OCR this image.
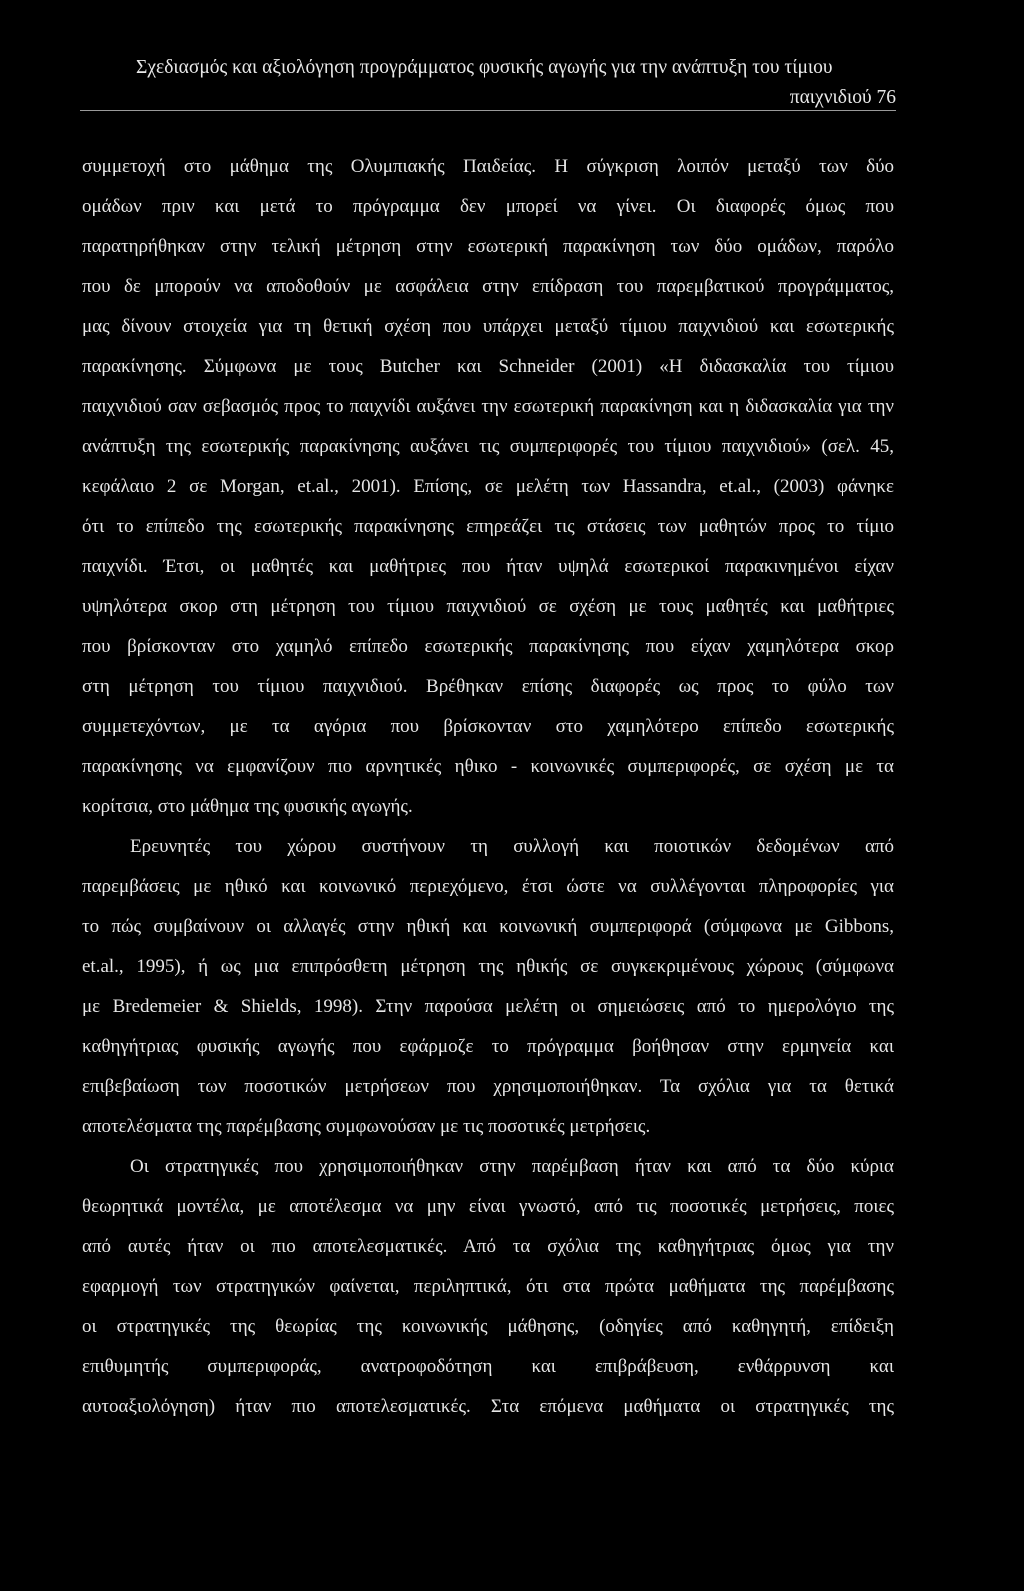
Σχεδιασμός και αξιολόγηση προγράμματος φυσικής αγωγής για την ανάπτυξη του τίμιου
παιχνιδιού 76
συμμετοχή στο μάθημα της Ολυμπιακής Παιδείας. Η σύγκριση λοιπόν μεταξύ των δύο
ομάδων πριν και μετά το πρόγραμμα δεν μπορεί να γίνει. Οι διαφορές όμως που
παρατηρήθηκαν στην τελική μέτρηση στην εσωτερική παρακίνηση των δύο ομάδων, παρόλο
που δε μπορούν να αποδοθούν με ασφάλεια στην επίδραση του παρεμβατικού προγράμματος,
μας δίνουν στοιχεία για τη θετική σχέση που υπάρχει μεταξύ τίμιου παιχνιδιού και εσωτερικής
παρακίνησης. Σύμφωνα με τους Butcher και Schneider (2001) «Η διδασκαλία του τίμιου
παιχνιδιού σαν σεβασμός προς το παιχνίδι αυξάνει την εσωτερική παρακίνηση και η διδασκαλία για την
ανάπτυξη της εσωτερικής παρακίνησης αυξάνει τις συμπεριφορές του τίμιου παιχνιδιού» (σελ. 45,
κεφάλαιο 2 σε Morgan, et.al., 2001). Επίσης, σε μελέτη των Hassandra, et.al., (2003) φάνηκε
ότι το επίπεδο της εσωτερικής παρακίνησης επηρεάζει τις στάσεις των μαθητών προς το τίμιο
παιχνίδι. Έτσι, οι μαθητές και μαθήτριες που ήταν υψηλά εσωτερικοί παρακινημένοι είχαν
υψηλότερα σκορ στη μέτρηση του τίμιου παιχνιδιού σε σχέση με τους μαθητές και μαθήτριες
που βρίσκονταν στο χαμηλό επίπεδο εσωτερικής παρακίνησης που είχαν χαμηλότερα σκορ
στη μέτρηση του τίμιου παιχνιδιού. Βρέθηκαν επίσης διαφορές ως προς το φύλο των
συμμετεχόντων, με τα αγόρια που βρίσκονταν στο χαμηλότερο επίπεδο εσωτερικής
παρακίνησης να εμφανίζουν πιο αρνητικές ηθικο - κοινωνικές συμπεριφορές, σε σχέση με τα
κορίτσια, στο μάθημα της φυσικής αγωγής.
Ερευνητές του χώρου συστήνουν τη συλλογή και ποιοτικών δεδομένων από
παρεμβάσεις με ηθικό και κοινωνικό περιεχόμενο, έτσι ώστε να συλλέγονται πληροφορίες για
το πώς συμβαίνουν οι αλλαγές στην ηθική και κοινωνική συμπεριφορά (σύμφωνα με Gibbons,
et.al., 1995), ή ως μια επιπρόσθετη μέτρηση της ηθικής σε συγκεκριμένους χώρους (σύμφωνα
με Bredemeier & Shields, 1998). Στην παρούσα μελέτη οι σημειώσεις από το ημερολόγιο της
καθηγήτριας φυσικής αγωγής που εφάρμοζε το πρόγραμμα βοήθησαν στην ερμηνεία και
επιβεβαίωση των ποσοτικών μετρήσεων που χρησιμοποιήθηκαν. Τα σχόλια για τα θετικά
αποτελέσματα της παρέμβασης συμφωνούσαν με τις ποσοτικές μετρήσεις.
Οι στρατηγικές που χρησιμοποιήθηκαν στην παρέμβαση ήταν και από τα δύο κύρια
θεωρητικά μοντέλα, με αποτέλεσμα να μην είναι γνωστό, από τις ποσοτικές μετρήσεις, ποιες
από αυτές ήταν οι πιο αποτελεσματικές. Από τα σχόλια της καθηγήτριας όμως για την
εφαρμογή των στρατηγικών φαίνεται, περιληπτικά, ότι στα πρώτα μαθήματα της παρέμβασης
οι στρατηγικές της θεωρίας της κοινωνικής μάθησης, (οδηγίες από καθηγητή, επίδειξη
επιθυμητής συμπεριφοράς, ανατροφοδότηση και επιβράβευση, ενθάρρυνση και
αυτοαξιολόγηση) ήταν πιο αποτελεσματικές. Στα επόμενα μαθήματα οι στρατηγικές της
